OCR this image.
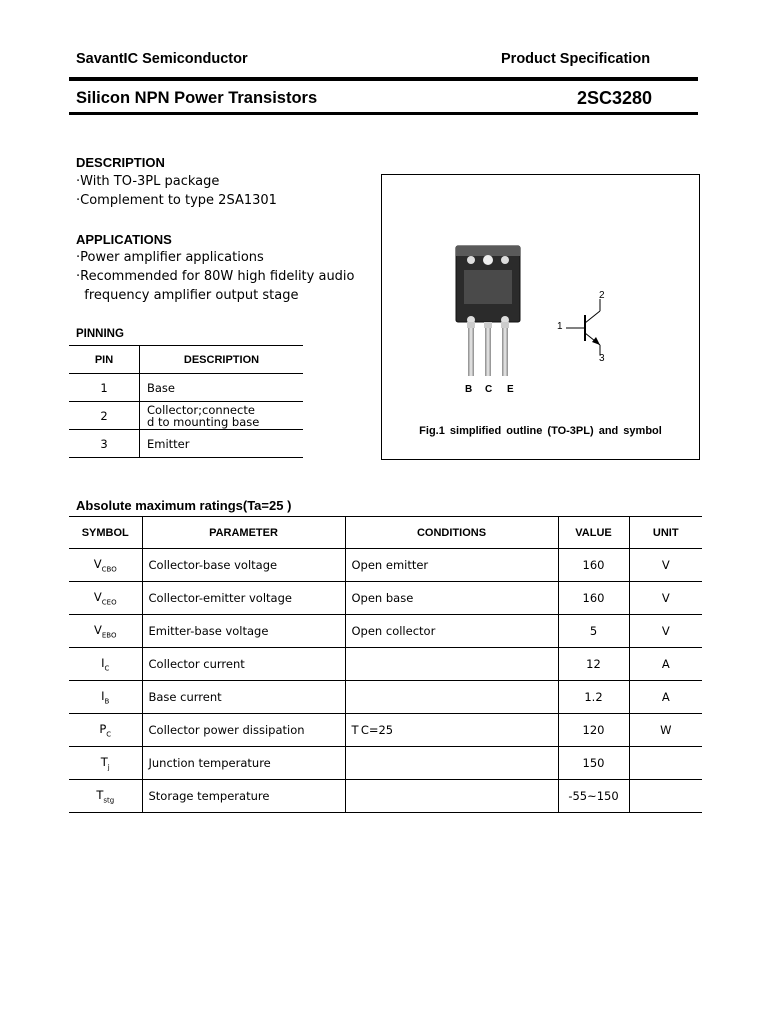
SavantIC Semiconductor	Product Specification
Silicon NPN Power Transistors	2SC3280
DESCRIPTION
·With TO-3PL package
·Complement to type 2SA1301
APPLICATIONS
·Power amplifier applications
·Recommended for 80W high fidelity audio
frequency amplifier output stage
PINNING
PIN	DESCRIPTION
1	Base
2	Collector;connecte
d to mounting base
3	Emitter
B C E
1
2
3
Fig.1 simplified outline (TO-3PL) and symbol
Absolute maximum ratings(Ta=25 )
SYMBOL	PARAMETER	CONDITIONS	VALUE	UNIT
$V_{CBO}$	Collector-base voltage	Open emitter	160	V
$V_{CEO}$	Collector-emitter voltage	Open base	160	V
$V_{EBO}$	Emitter-base voltage	Open collector	5	V
$I_C$	Collector current		12	A
$I_B$	Base current		1.2	A
$P_C$	Collector power dissipation	T C=25	120	W
$T_j$	Junction temperature		150	
$T_{stg}$	Storage temperature		-55~150	
